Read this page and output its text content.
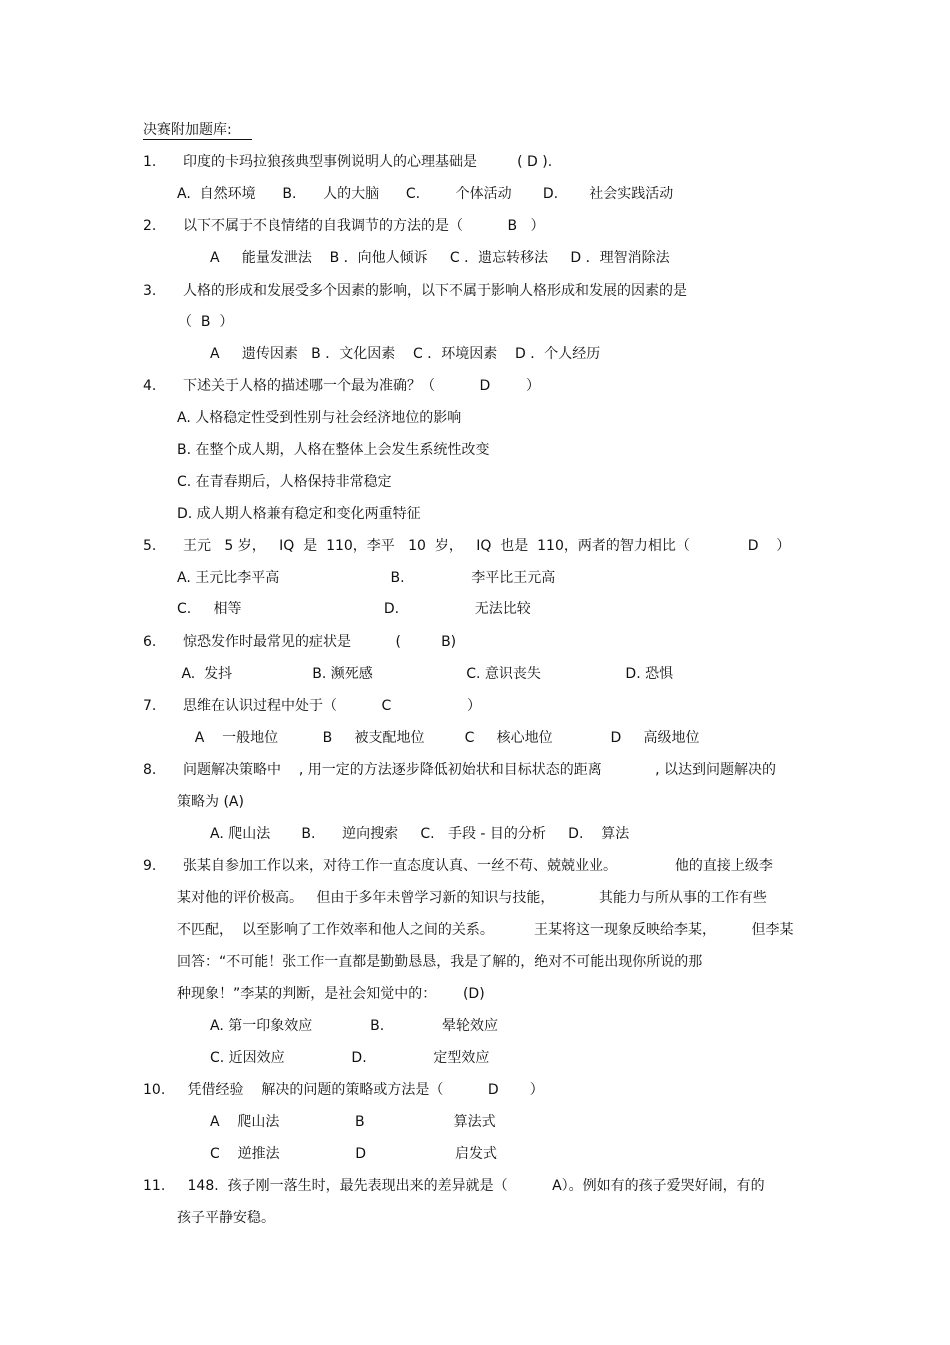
决赛附加题库:
1.      印度的卡玛拉狼孩典型事例说明人的心理基础是         ( D ).
A.  自然环境      B.      人的大脑      C.        个体活动       D.       社会实践活动
2.      以下不属于不良情绪的自我调节的方法的是（          B   ）
A     能量发泄法    B ．向他人倾诉     C ．遗忘转移法     D ．理智消除法
3.      人格的形成和发展受多个因素的影响，以下不属于影响人格形成和发展的因素的是
（  B  ）
A     遗传因素   B ．文化因素    C ．环境因素    D ．个人经历
4.      下述关于人格的描述哪一个最为准确？（          D        ）
A. 人格稳定性受到性别与社会经济地位的影响
B. 在整个成人期，人格在整体上会发生系统性改变
C. 在青春期后，人格保持非常稳定
D. 成人期人格兼有稳定和变化两重特征
5.      王元   5 岁，   IQ  是  110，李平   10  岁，   IQ  也是  110，两者的智力相比（             D    ）
A. 王元比李平高                         B.               李平比王元高
C.     相等                                D.                 无法比较
6.      惊恐发作时最常见的症状是          (         B)
A.  发抖                  B. 濒死感                     C. 意识丧失                   D. 恐惧
7.      思维在认识过程中处于（          C                 ）
A    一般地位          B     被支配地位         C     核心地位             D     高级地位
8.      问题解决策略中    , 用一定的方法逐步降低初始状和目标状态的距离            , 以达到问题解决的
策略为 (A)
A. 爬山法       B.      逆向搜索     C.   手段 - 目的分析     D.    算法
9.      张某自参加工作以来，对待工作一直态度认真、一丝不苟、兢兢业业。             他的直接上级李
某对他的评价极高。   但由于多年未曾学习新的知识与技能，          其能力与所从事的工作有些
不匹配，  以至影响了工作效率和他人之间的关系。         王某将这一现象反映给李某，        但李某
回答：“不可能！张工作一直都是勤勤恳恳，我是了解的，绝对不可能出现你所说的那
种现象！”李某的判断，是社会知觉中的：      (D)
A. 第一印象效应             B.             晕轮效应
C. 近因效应               D.               定型效应
10.     凭借经验    解决的问题的策略或方法是（          D       ）
A    爬山法                 B                    算法式
C    逆推法                 D                    启发式
11.     148.  孩子刚一落生时，最先表现出来的差异就是（          A）。例如有的孩子爱哭好闹，有的
孩子平静安稳。
